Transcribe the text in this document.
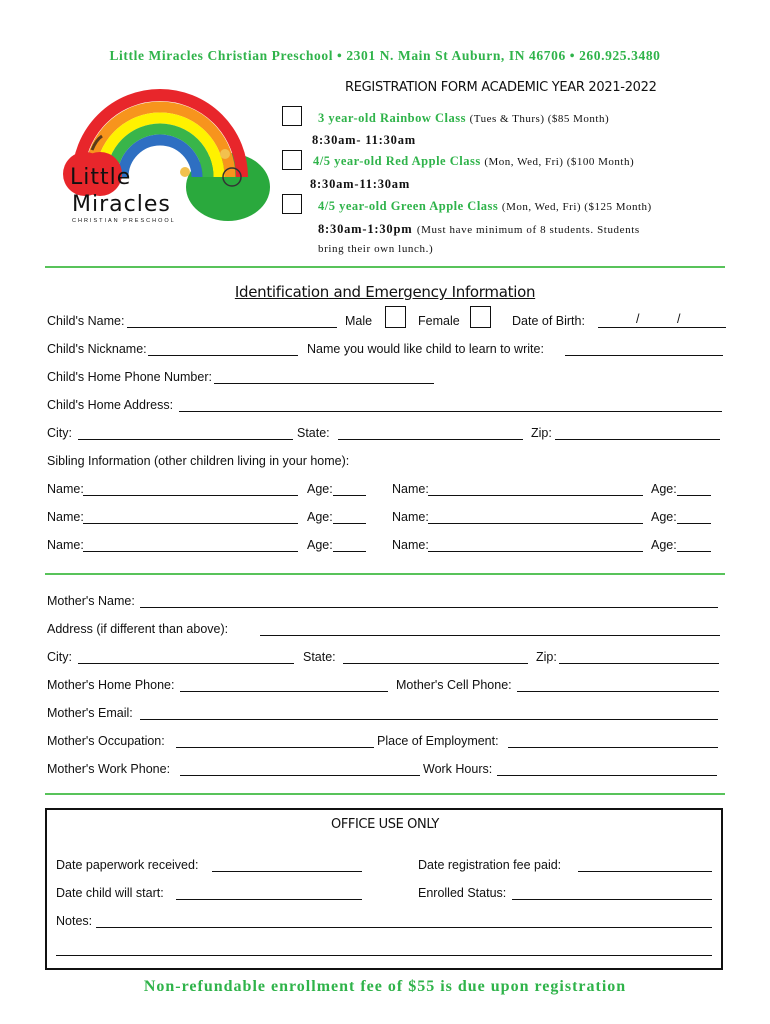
Little Miracles Christian Preschool • 2301 N. Main St Auburn, IN 46706 • 260.925.3480
REGISTRATION FORM ACADEMIC YEAR 2021-2022
Little
Miracles
CHRISTIAN PRESCHOOL
3 year-old Rainbow Class (Tues & Thurs) ($85 Month)
8:30am- 11:30am
4/5 year-old Red Apple Class (Mon, Wed, Fri) ($100 Month)
8:30am-11:30am
4/5 year-old Green Apple Class (Mon, Wed, Fri) ($125 Month)
8:30am-1:30pm (Must have minimum of 8 students. Students
bring their own lunch.)
Identification and Emergency Information
Child's Name:	Male	Female	Date of Birth:	/	/
Child's Nickname:	Name you would like child to learn to write:
Child's Home Phone Number:
Child's Home Address:
City:	State:	Zip:
Sibling Information (other children living in your home):
Name:	Age:	Name:	Age:
Name:	Age:	Name:	Age:
Name:	Age:	Name:	Age:
Mother's Name:
Address (if different than above):
City:	State:	Zip:
Mother's Home Phone:	Mother's Cell Phone:
Mother's Email:
Mother's Occupation:	Place of Employment:
Mother's Work Phone:	Work Hours:
OFFICE USE ONLY
Date paperwork received:	Date registration fee paid:
Date child will start:	Enrolled Status:
Notes:
Non-refundable enrollment fee of $55 is due upon registration
